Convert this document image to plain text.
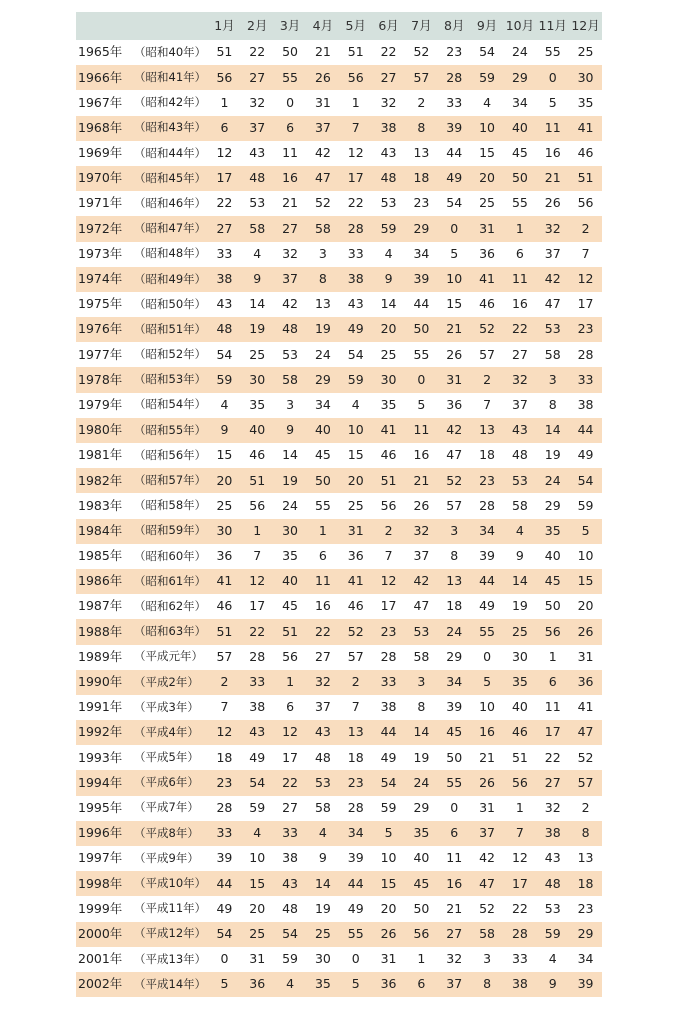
1月 2月 3月 4月 5月 6月 7月 8月 9月 10月 11月 12月
1965年	（昭和40年） 51	22	50	21	51	22	52	23	54	24	55	25
1966年	（昭和41年） 56	27	55	26	56	27	57	28	59	29	0	30
1967年	（昭和42年）	1	32	0	31	1	32	2	33	4	34	5	35
1968年	（昭和43年）	6	37	6	37	7	38	8	39	10	40	11	41
1969年	（昭和44年） 12	43	11	42	12	43	13	44	15	45	16	46
1970年	（昭和45年） 17	48	16	47	17	48	18	49	20	50	21	51
1971年	（昭和46年） 22	53	21	52	22	53	23	54	25	55	26	56
1972年	（昭和47年） 27	58	27	58	28	59	29	0	31	1	32	2
1973年	（昭和48年） 33	4	32	3	33	4	34	5	36	6	37	7
1974年	（昭和49年） 38	9	37	8	38	9	39	10	41	11	42	12
1975年	（昭和50年） 43	14	42	13	43	14	44	15	46	16	47	17
1976年	（昭和51年） 48	19	48	19	49	20	50	21	52	22	53	23
1977年	（昭和52年） 54	25	53	24	54	25	55	26	57	27	58	28
1978年	（昭和53年） 59	30	58	29	59	30	0	31	2	32	3	33
1979年	（昭和54年）	4	35	3	34	4	35	5	36	7	37	8	38
1980年	（昭和55年）	9	40	9	40	10	41	11	42	13	43	14	44
1981年	（昭和56年） 15	46	14	45	15	46	16	47	18	48	19	49
1982年	（昭和57年） 20	51	19	50	20	51	21	52	23	53	24	54
1983年	（昭和58年） 25	56	24	55	25	56	26	57	28	58	29	59
1984年	（昭和59年） 30	1	30	1	31	2	32	3	34	4	35	5
1985年	（昭和60年） 36	7	35	6	36	7	37	8	39	9	40	10
1986年	（昭和61年） 41	12	40	11	41	12	42	13	44	14	45	15
1987年	（昭和62年） 46	17	45	16	46	17	47	18	49	19	50	20
1988年	（昭和63年） 51	22	51	22	52	23	53	24	55	25	56	26
1989年	（平成元年）	57	28	56	27	57	28	58	29	0	30	1	31
1990年	（平成2年）	2	33	1	32	2	33	3	34	5	35	6	36
1991年	（平成3年）	7	38	6	37	7	38	8	39	10	40	11	41
1992年	（平成4年）	12	43	12	43	13	44	14	45	16	46	17	47
1993年	（平成5年）	18	49	17	48	18	49	19	50	21	51	22	52
1994年	（平成6年）	23	54	22	53	23	54	24	55	26	56	27	57
1995年	（平成7年）	28	59	27	58	28	59	29	0	31	1	32	2
1996年	（平成8年）	33	4	33	4	34	5	35	6	37	7	38	8
1997年	（平成9年）	39	10	38	9	39	10	40	11	42	12	43	13
1998年	（平成10年） 44	15	43	14	44	15	45	16	47	17	48	18
1999年	（平成11年） 49	20	48	19	49	20	50	21	52	22	53	23
2000年	（平成12年） 54	25	54	25	55	26	56	27	58	28	59	29
2001年	（平成13年）	0	31	59	30	0	31	1	32	3	33	4	34
2002年	（平成14年）	5	36	4	35	5	36	6	37	8	38	9	39
